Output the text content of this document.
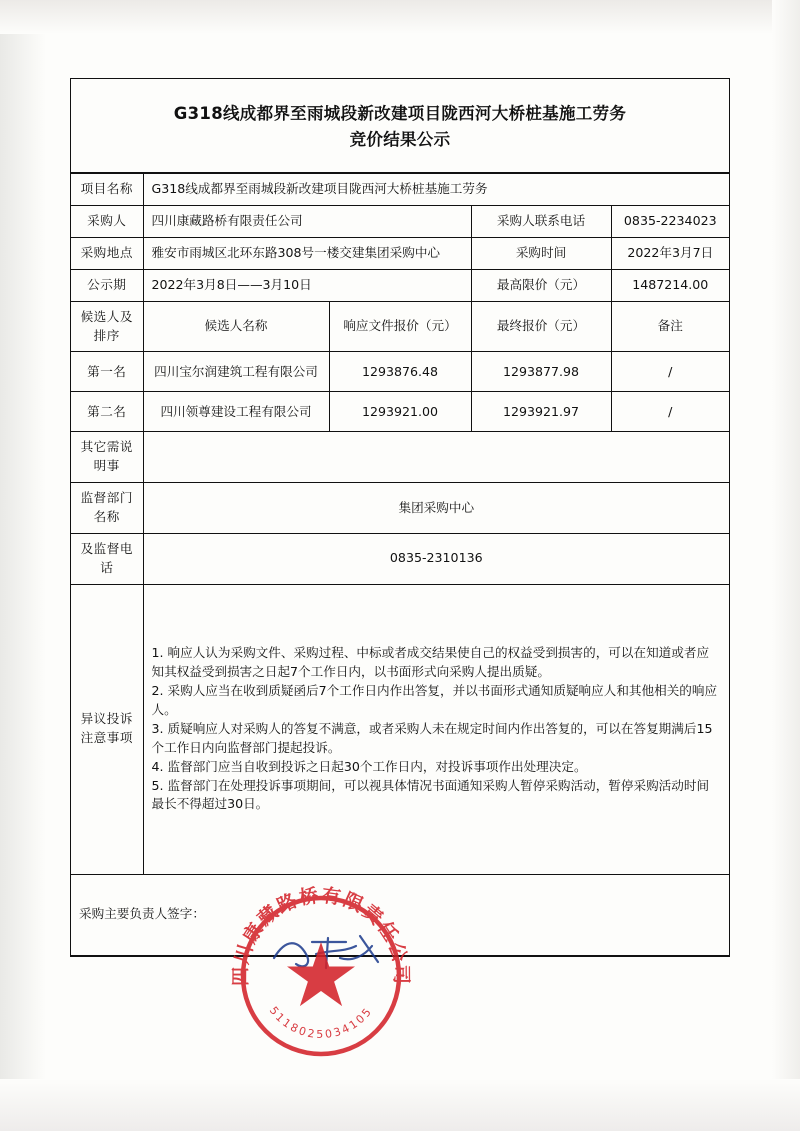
G318线成都界至雨城段新改建项目陇西河大桥桩基施工劳务
竞价结果公示
项目名称	G318线成都界至雨城段新改建项目陇西河大桥桩基施工劳务			
采购人	四川康藏路桥有限责任公司		采购人联系电话	0835-2234023
采购地点	雅安市雨城区北环东路308号一楼交建集团采购中心		采购时间	2022年3月7日
公示期	2022年3月8日——3月10日		最高限价（元）	1487214.00
候选人及排序	候选人名称	响应文件报价（元）	最终报价（元）	备注
第一名	四川宝尔润建筑工程有限公司	1293876.48	1293877.98	/
第二名	四川领尊建设工程有限公司	1293921.00	1293921.97	/
其它需说明事				
监督部门名称	集团采购中心			
及监督电话	0835-2310136			
异议投诉注意事项	1. 响应人认为采购文件、采购过程、中标或者成交结果使自己的权益受到损害的，可以在知道或者应知其权益受到损害之日起7个工作日内，以书面形式向采购人提出质疑。

2. 采购人应当在收到质疑函后7个工作日内作出答复，并以书面形式通知质疑响应人和其他相关的响应人。

3. 质疑响应人对采购人的答复不满意，或者采购人未在规定时间内作出答复的，可以在答复期满后15个工作日内向监督部门提起投诉。

4. 监督部门应当自收到投诉之日起30个工作日内，对投诉事项作出处理决定。

5. 监督部门在处理投诉事项期间，可以视具体情况书面通知采购人暂停采购活动，暂停采购活动时间最长不得超过30日。			

采购主要负责人签字：				
四川康藏路桥有限责任公司
5118025034105
